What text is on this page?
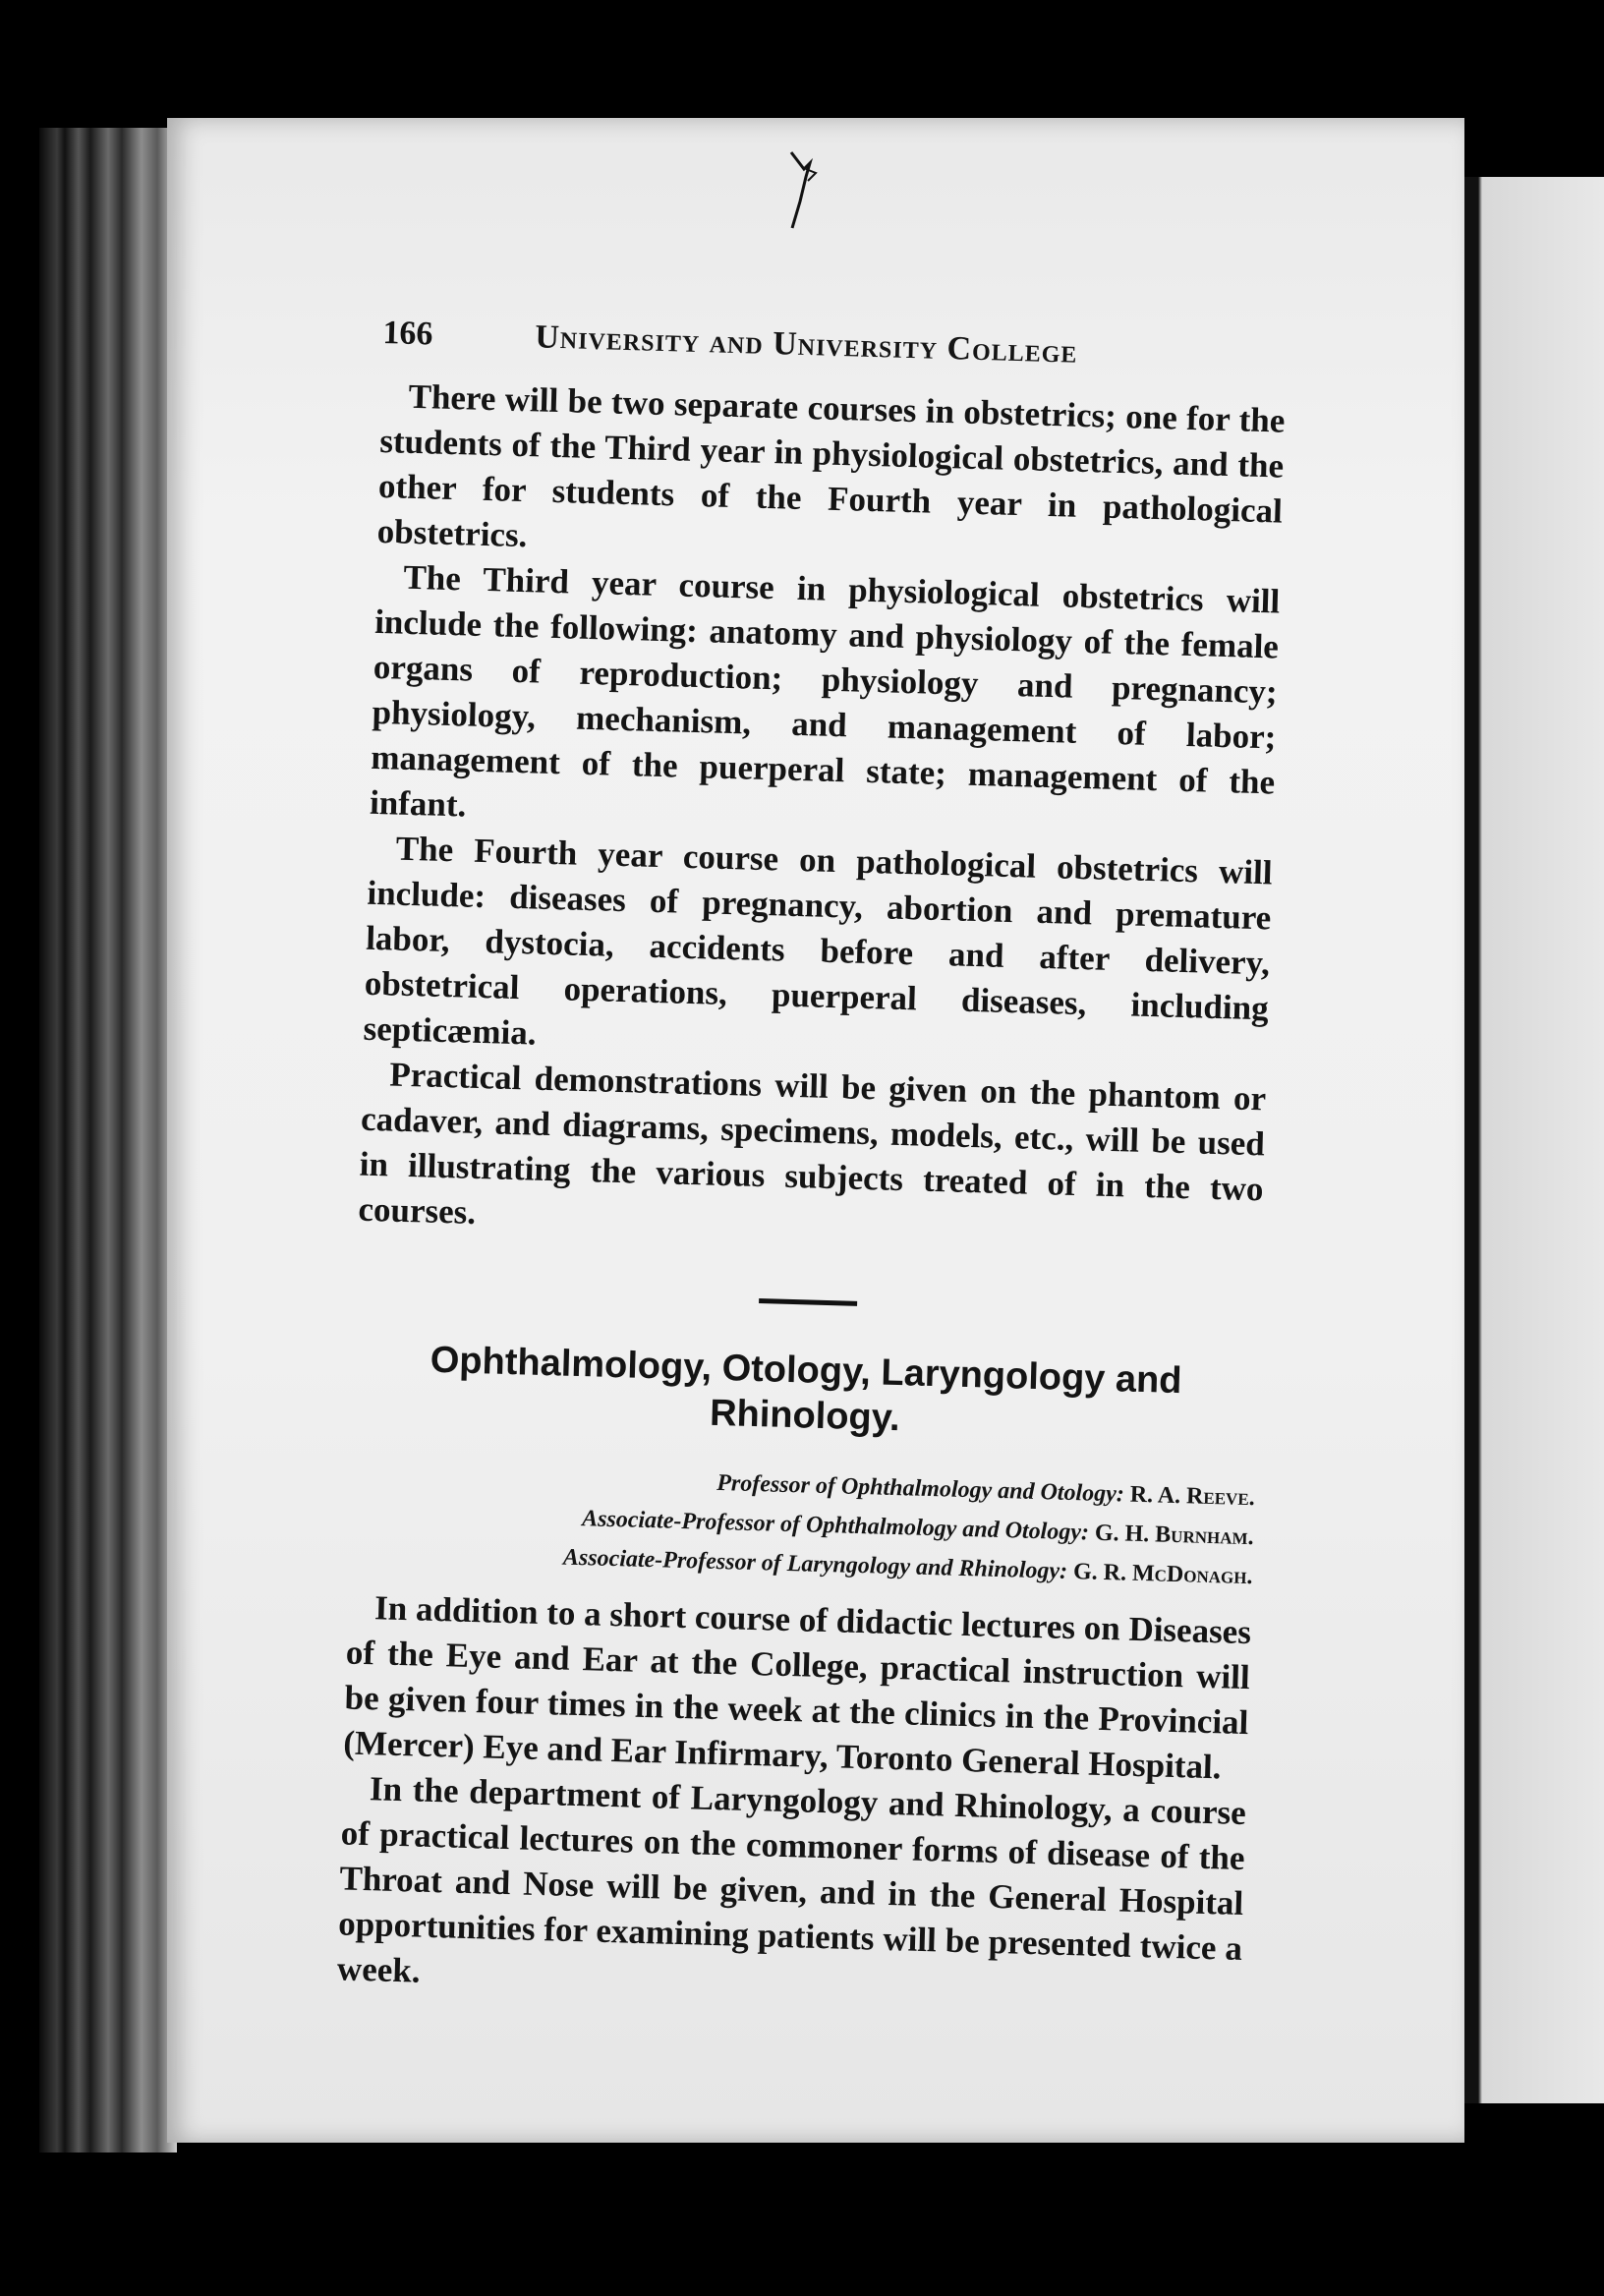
166	University and University College

There will be two separate courses in obstetrics; one for the students of the Third year in physiological obstetrics, and the other for students of the Fourth year in pathological obstetrics.

The Third year course in physiological obstetrics will include the following: anatomy and physiology of the female organs of reproduction; physiology and pregnancy; physiology, mechanism, and management of labor; management of the puerperal state; management of the infant.

The Fourth year course on pathological obstetrics will include: diseases of pregnancy, abortion and premature labor, dystocia, accidents before and after delivery, obstetrical operations, puerperal diseases, including septicæmia.

Practical demonstrations will be given on the phantom or cadaver, and diagrams, specimens, models, etc., will be used in illustrating the various subjects treated of in the two courses.

Ophthalmology, Otology, Laryngology and Rhinology.
Professor of Ophthalmology and Otology: R. A. Reeve.
Associate-Professor of Ophthalmology and Otology: G. H. Burnham.
Associate-Professor of Laryngology and Rhinology: G. R. McDonagh.

In addition to a short course of didactic lectures on Diseases of the Eye and Ear at the College, practical instruction will be given four times in the week at the clinics in the Provincial (Mercer) Eye and Ear Infirmary, Toronto General Hospital.

In the department of Laryngology and Rhinology, a course of practical lectures on the commoner forms of disease of the Throat and Nose will be given, and in the General Hospital opportunities for examining patients will be presented twice a week.
